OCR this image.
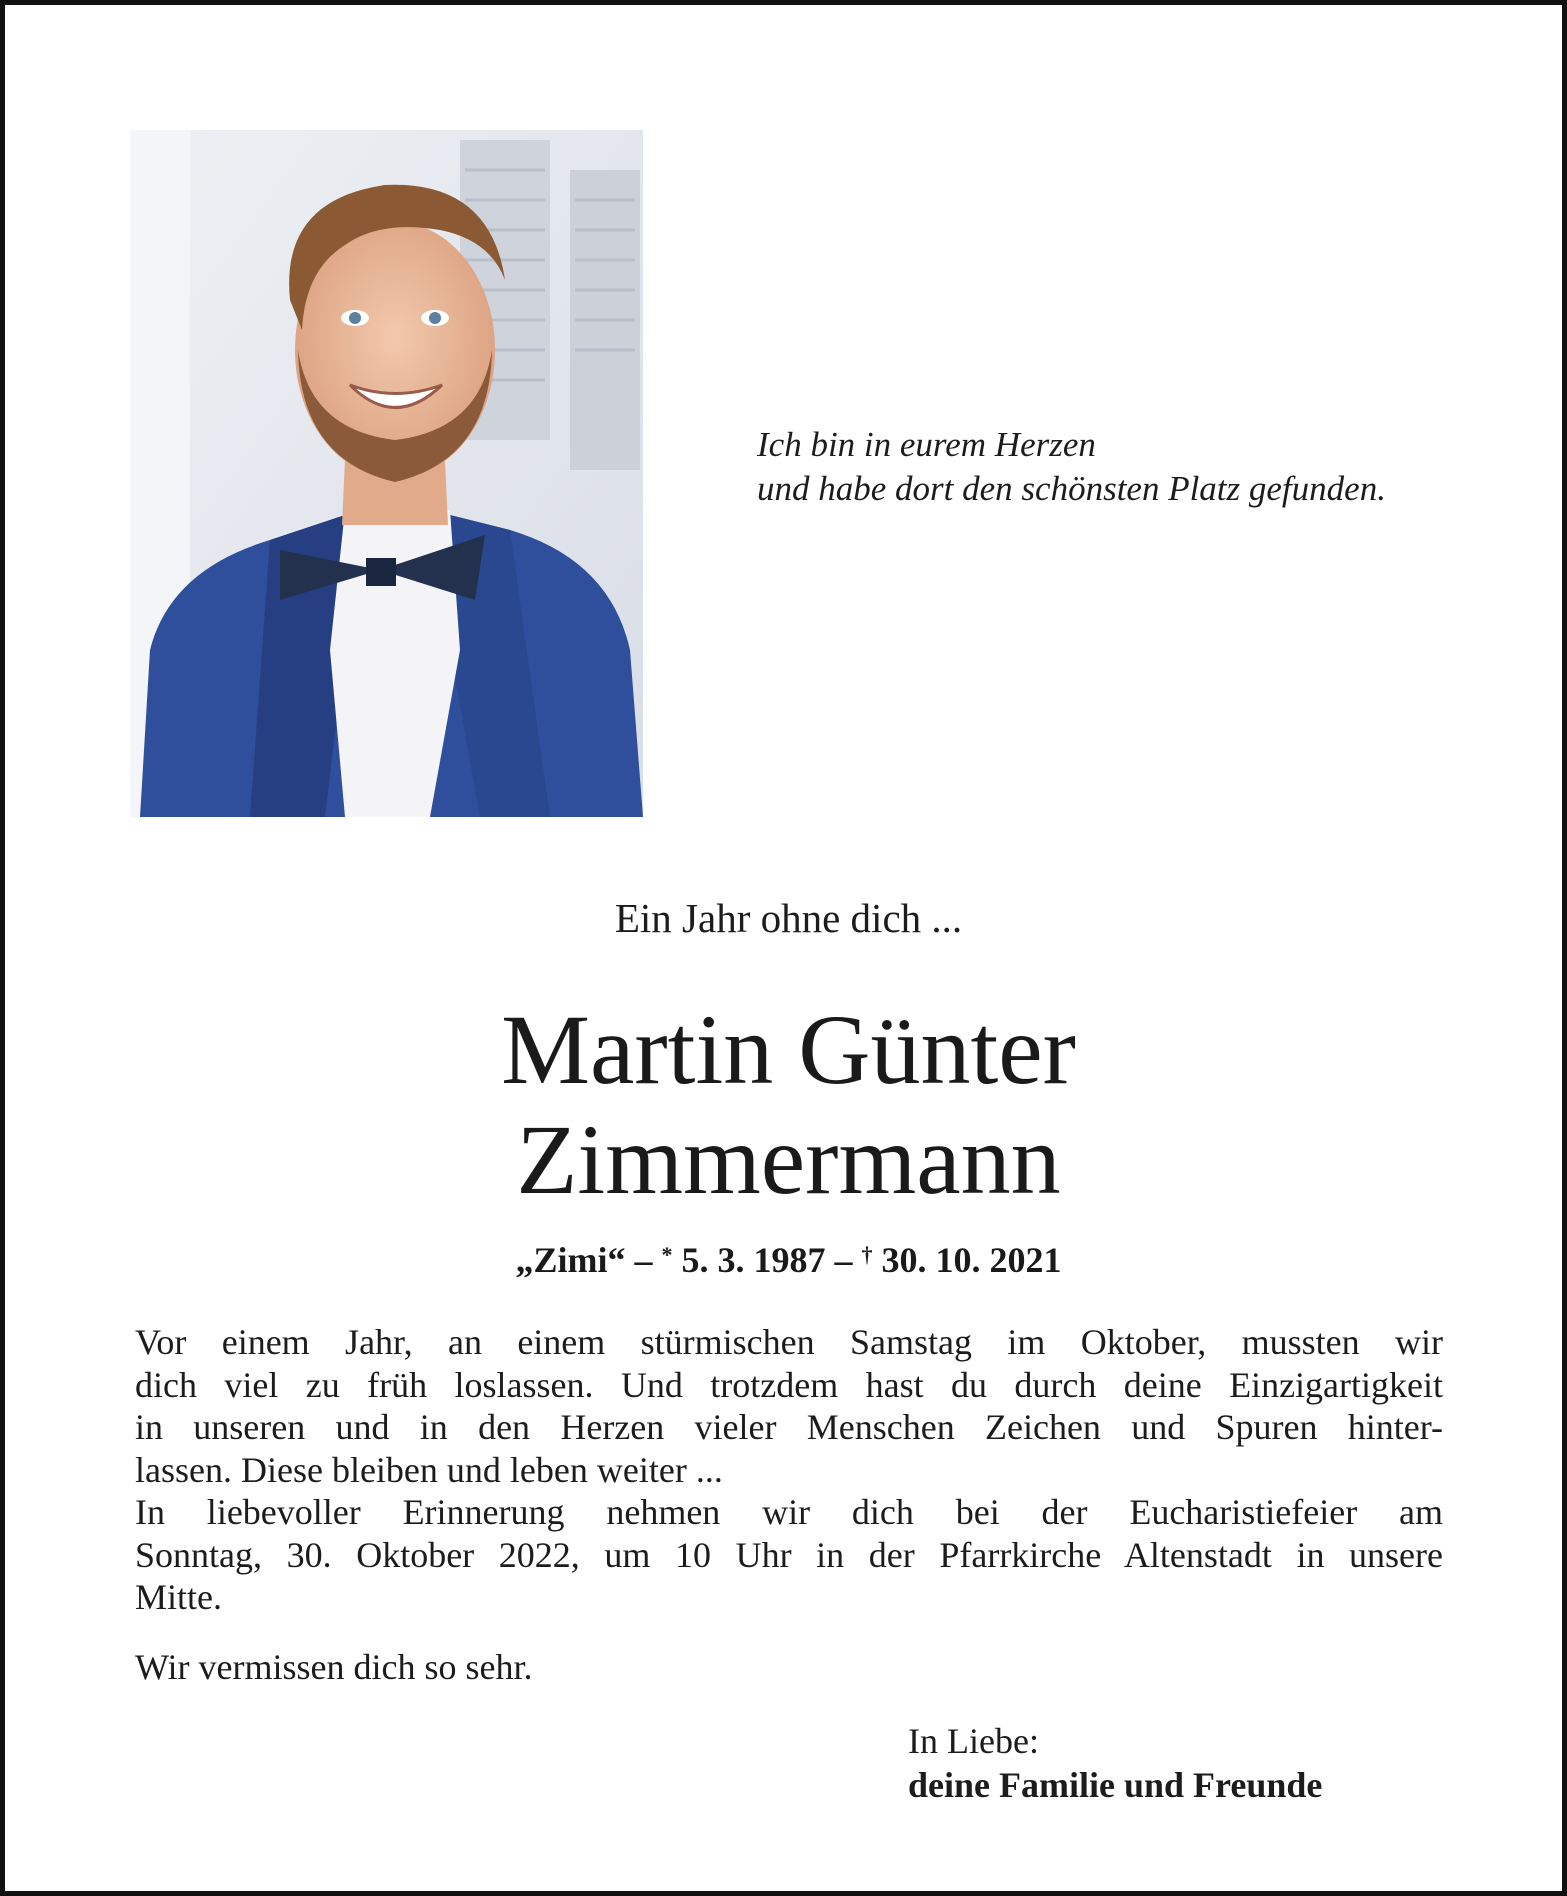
Ich bin in eurem Herzen
und habe dort den schönsten Platz gefunden.
Ein Jahr ohne dich ...
Martin Günter
Zimmermann
„Zimi“ – * 5. 3. 1987 – † 30. 10. 2021
Vor einem Jahr, an einem stürmischen Samstag im Oktober, mussten wir
dich viel zu früh loslassen. Und trotzdem hast du durch deine Einzigartigkeit
in unseren und in den Herzen vieler Menschen Zeichen und Spuren hinter-
lassen. Diese bleiben und leben weiter ...
In liebevoller Erinnerung nehmen wir dich bei der Eucharistiefeier am
Sonntag, 30. Oktober 2022, um 10 Uhr in der Pfarrkirche Altenstadt in unsere
Mitte.
Wir vermissen dich so sehr.
In Liebe:
deine Familie und Freunde
